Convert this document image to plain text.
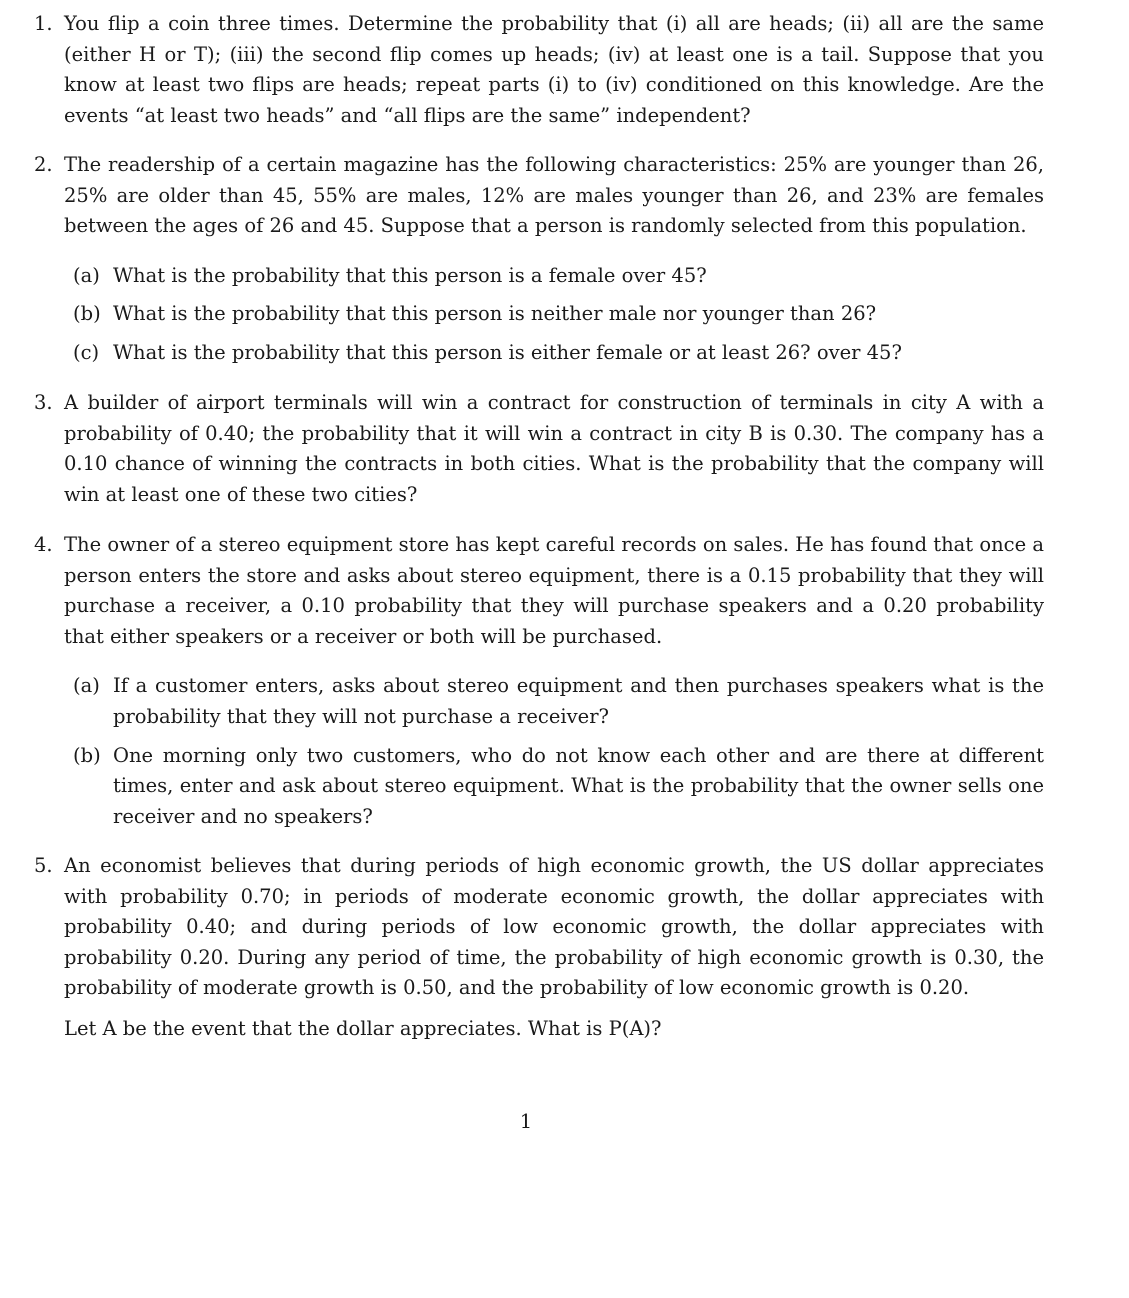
1. You flip a coin three times. Determine the probability that (i) all are heads; (ii) all are the same (either H or T); (iii) the second flip comes up heads; (iv) at least one is a tail. Suppose that you know at least two flips are heads; repeat parts (i) to (iv) conditioned on this knowledge. Are the events “at least two heads” and “all flips are the same” independent?

2. The readership of a certain magazine has the following characteristics: 25% are younger than 26, 25% are older than 45, 55% are males, 12% are males younger than 26, and 23% are females between the ages of 26 and 45. Suppose that a person is randomly selected from this population.

(a) What is the probability that this person is a female over 45?
(b) What is the probability that this person is neither male nor younger than 26?
(c) What is the probability that this person is either female or at least 26? over 45?
3. A builder of airport terminals will win a contract for construction of terminals in city A with a probability of 0.40; the probability that it will win a contract in city B is 0.30. The company has a 0.10 chance of winning the contracts in both cities. What is the probability that the company will win at least one of these two cities?

4. The owner of a stereo equipment store has kept careful records on sales. He has found that once a person enters the store and asks about stereo equipment, there is a 0.15 probability that they will purchase a receiver, a 0.10 probability that they will purchase speakers and a 0.20 probability that either speakers or a receiver or both will be purchased.

(a) If a customer enters, asks about stereo equipment and then purchases speakers what is the probability that they will not purchase a receiver?
(b) One morning only two customers, who do not know each other and are there at different times, enter and ask about stereo equipment. What is the probability that the owner sells one receiver and no speakers?
5. An economist believes that during periods of high economic growth, the US dollar appreciates with probability 0.70; in periods of moderate economic growth, the dollar appreciates with probability 0.40; and during periods of low economic growth, the dollar appreciates with probability 0.20. During any period of time, the probability of high economic growth is 0.30, the probability of moderate growth is 0.50, and the probability of low economic growth is 0.20.

Let A be the event that the dollar appreciates. What is P(A)?

1
